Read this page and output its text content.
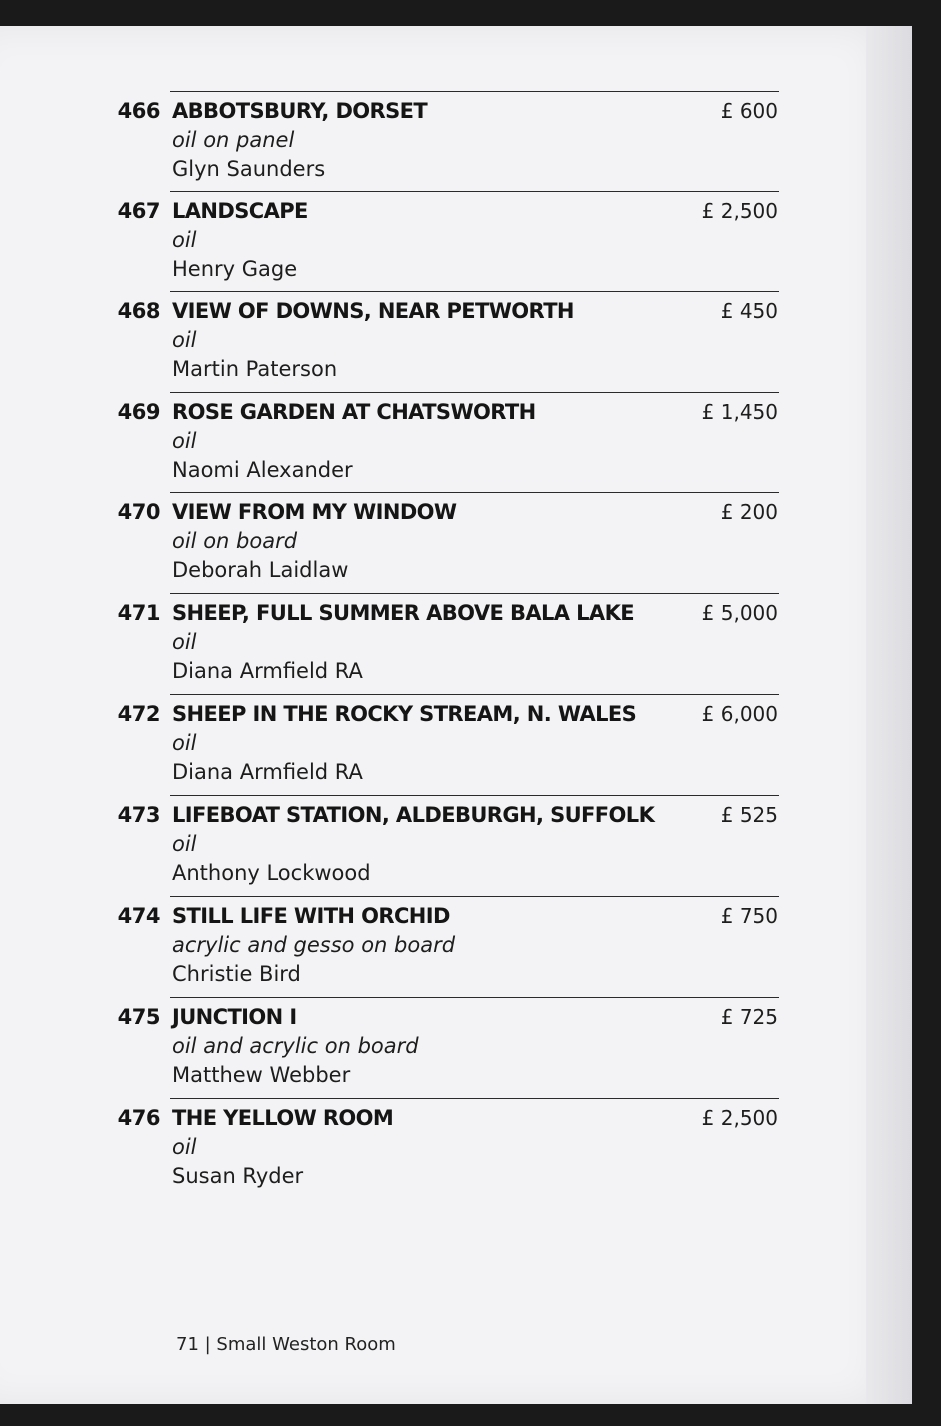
466 ABBOTSBURY, DORSET
oil on panel
Glyn Saunders
£ 600
467 LANDSCAPE
oil
Henry Gage
£ 2,500
468 VIEW OF DOWNS, NEAR PETWORTH
oil
Martin Paterson
£ 450
469 ROSE GARDEN AT CHATSWORTH
oil
Naomi Alexander
£ 1,450
470 VIEW FROM MY WINDOW
oil on board
Deborah Laidlaw
£ 200
471 SHEEP, FULL SUMMER ABOVE BALA LAKE
oil
Diana Armfield RA
£ 5,000
472 SHEEP IN THE ROCKY STREAM, N. WALES
oil
Diana Armfield RA
£ 6,000
473 LIFEBOAT STATION, ALDEBURGH, SUFFOLK
oil
Anthony Lockwood
£ 525
474 STILL LIFE WITH ORCHID
acrylic and gesso on board
Christie Bird
£ 750
475 JUNCTION I
oil and acrylic on board
Matthew Webber
£ 725
476 THE YELLOW ROOM
oil
Susan Ryder
£ 2,500
71 | Small Weston Room
